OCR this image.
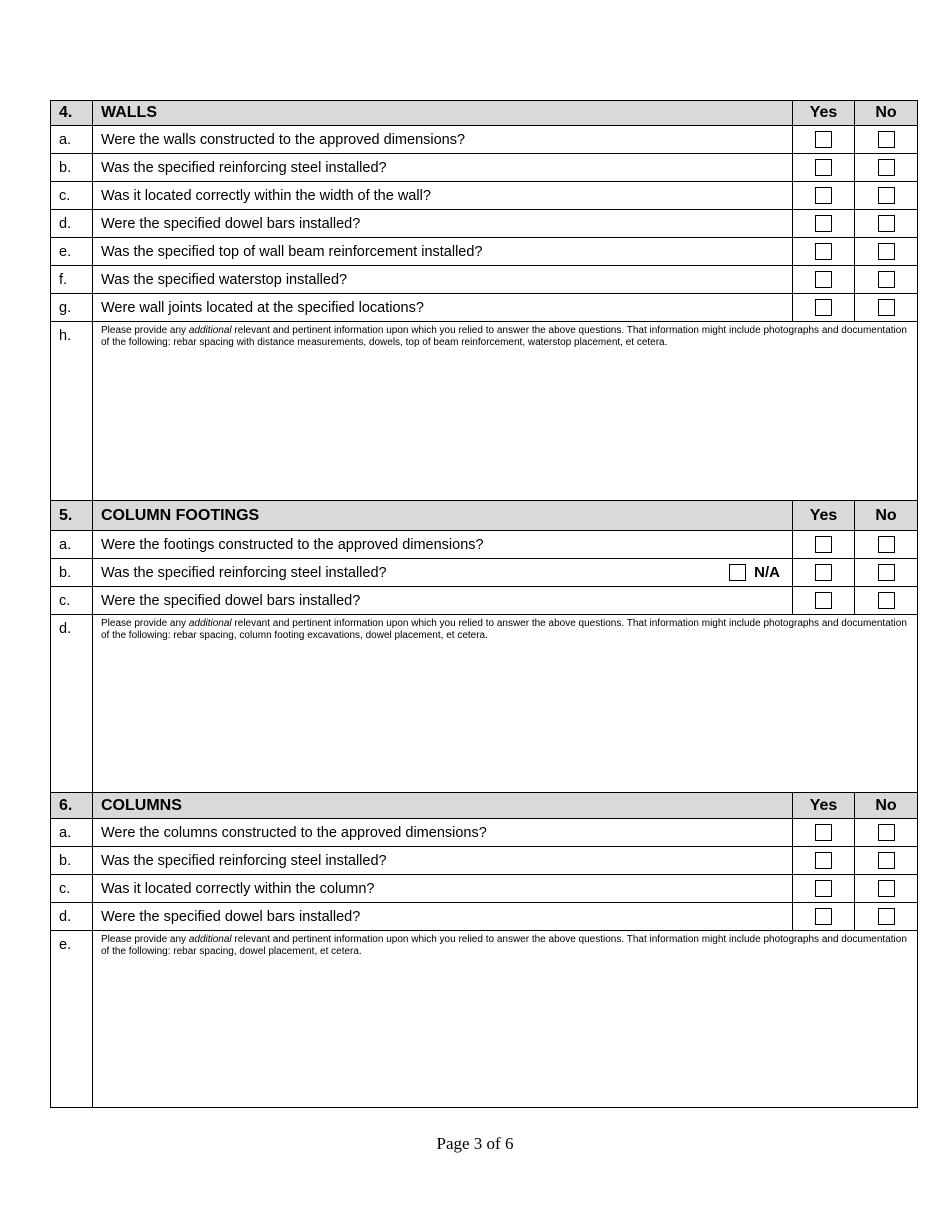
4.	WALLS	Yes	No
a.	Were the walls constructed to the approved dimensions?		
b.	Was the specified reinforcing steel installed?		
c.	Was it located correctly within the width of the wall?		
d.	Were the specified dowel bars installed?		
e.	Was the specified top of wall beam reinforcement installed?		
f.	Was the specified waterstop installed?		
g.	Were wall joints located at the specified locations?		
h.	Please provide any additional relevant and pertinent information upon which you relied to answer the above questions. That information might include photographs and documentation of the following: rebar spacing with distance measurements, dowels, top of beam reinforcement, waterstop placement, et cetera.		

5.	COLUMN FOOTINGS	Yes	No
a.	Were the footings constructed to the approved dimensions?		
b.	Was the specified reinforcing steel installed? N/A		

c.	Were the specified dowel bars installed?		
d.	Please provide any additional relevant and pertinent information upon which you relied to answer the above questions. That information might include photographs and documentation of the following: rebar spacing, column footing excavations, dowel placement, et cetera.		

6.	COLUMNS	Yes	No
a.	Were the columns constructed to the approved dimensions?		
b.	Was the specified reinforcing steel installed?		
c.	Was it located correctly within the column?		
d.	Were the specified dowel bars installed?		
e.	Please provide any additional relevant and pertinent information upon which you relied to answer the above questions. That information might include photographs and documentation of the following: rebar spacing, dowel placement, et cetera.		
Page 3 of 6
